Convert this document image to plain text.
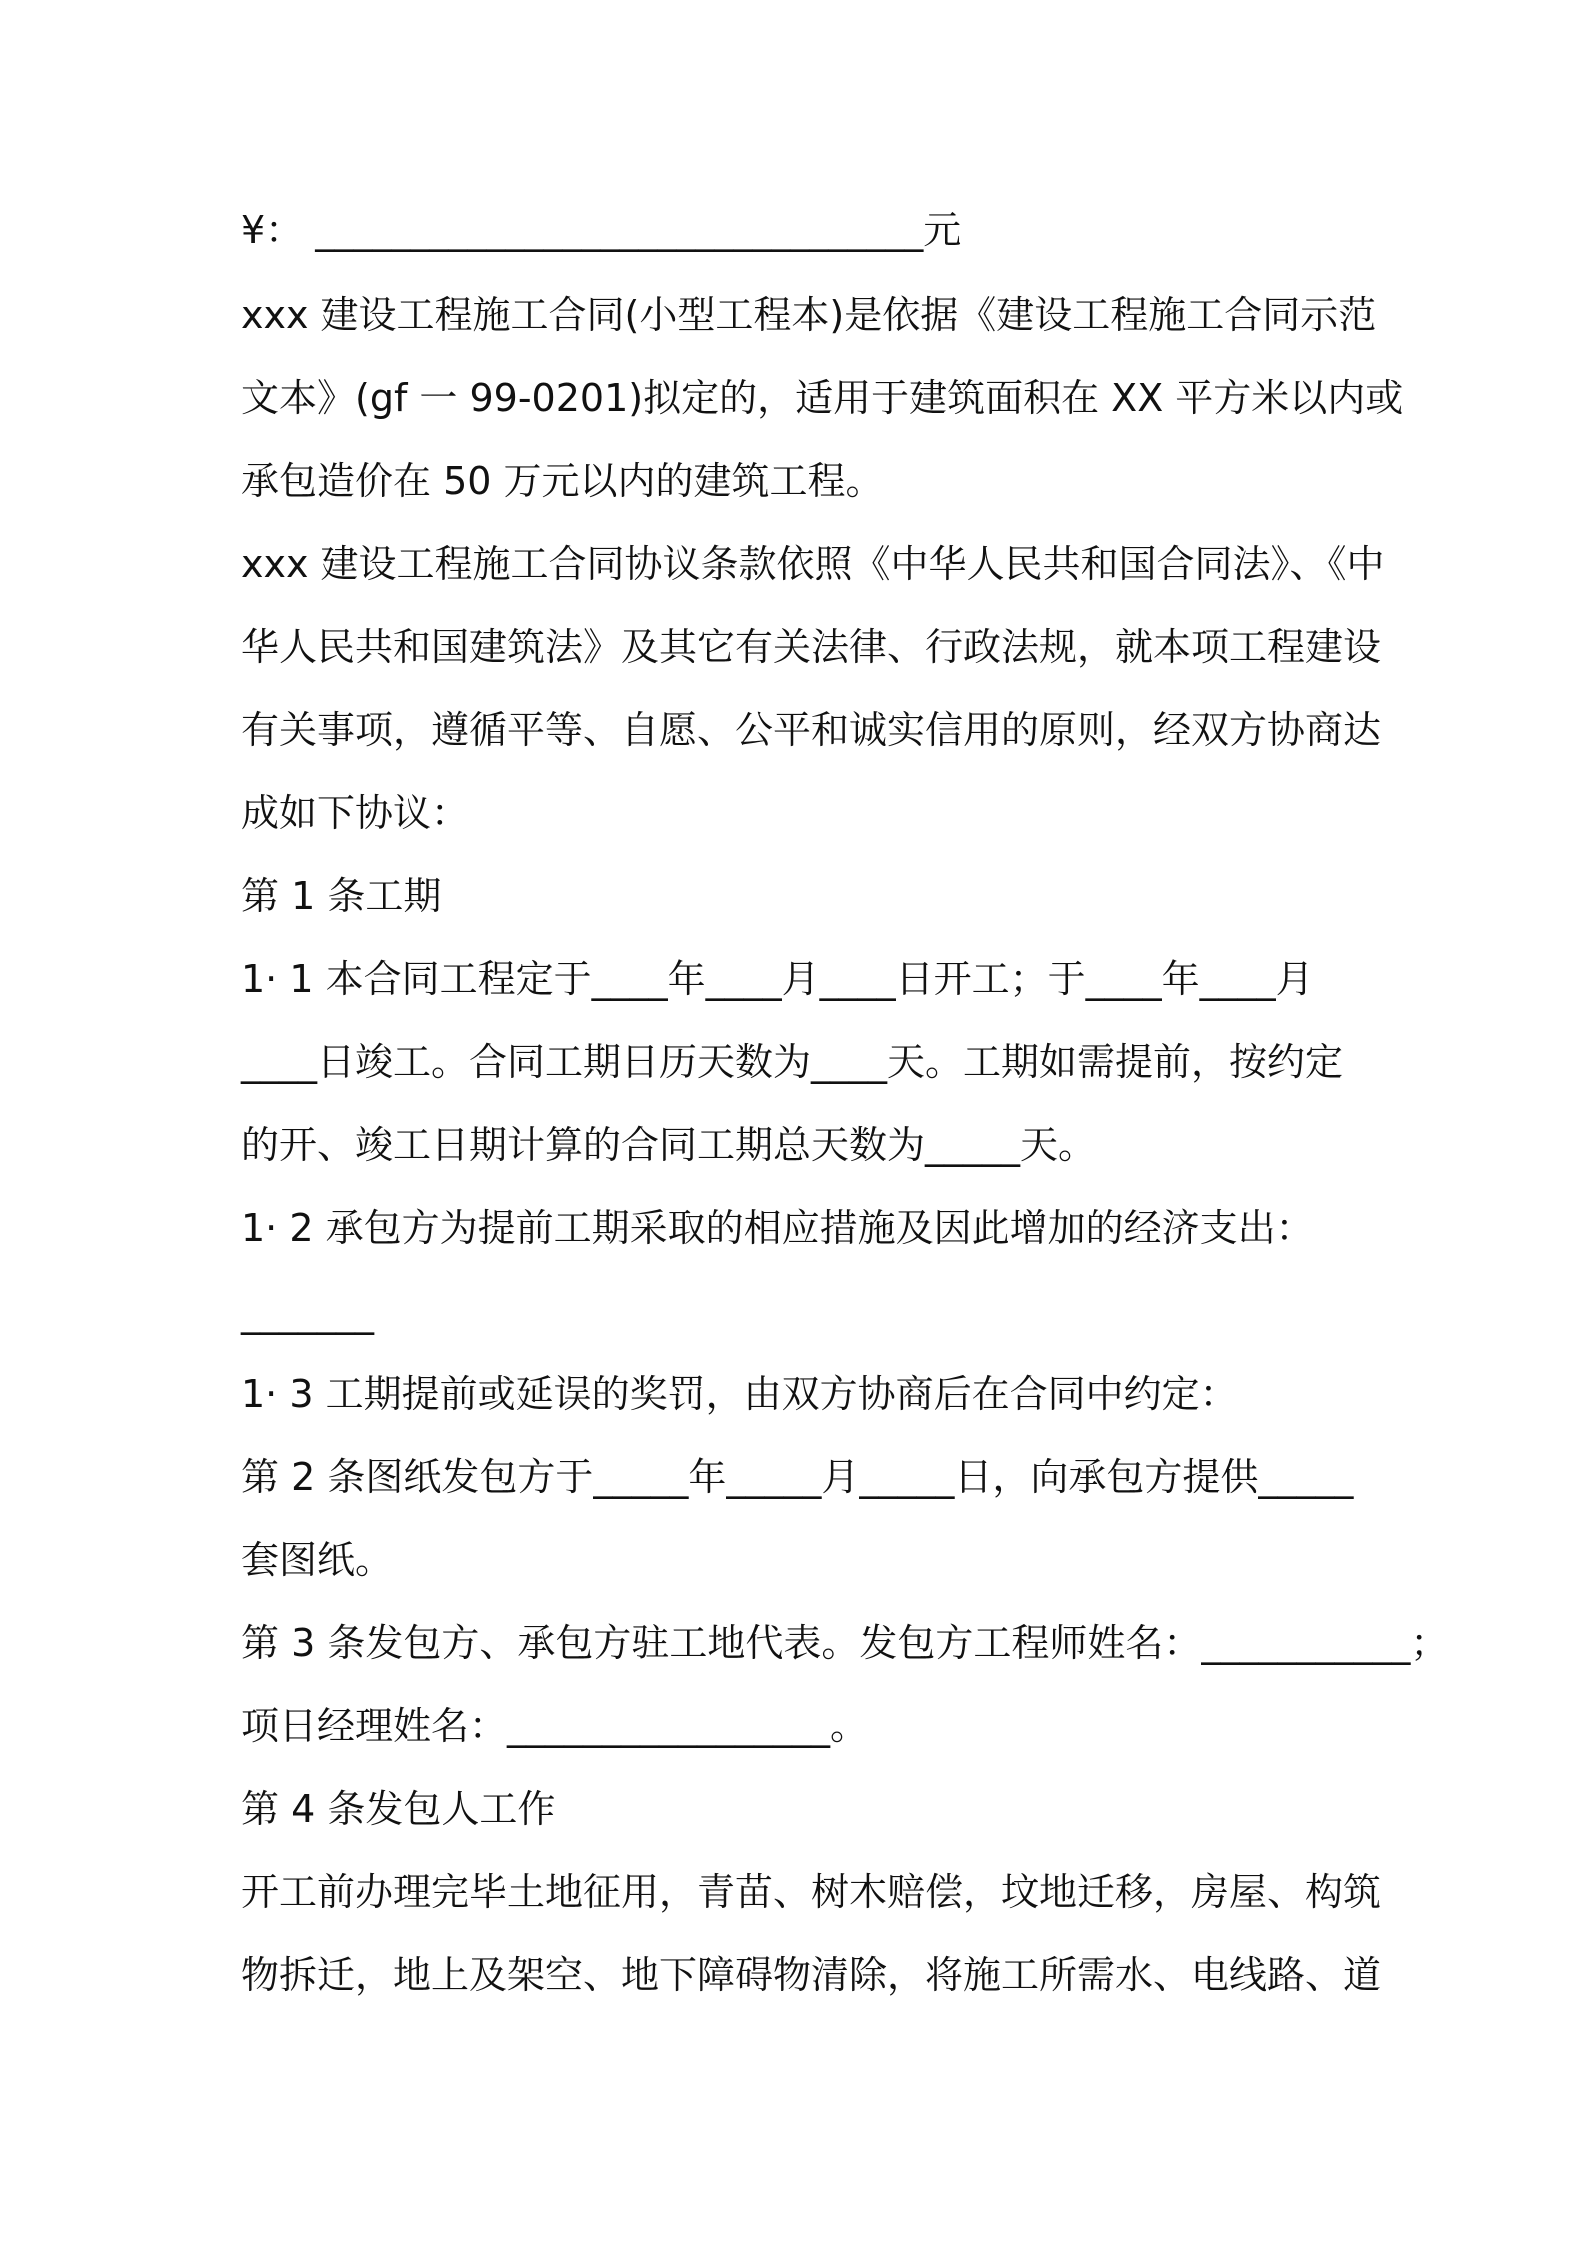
¥： ________________________________元
xxx 建设工程施工合同(小型工程本)是依据《建设工程施工合同示范
文本》(gf 一 99-0201)拟定的，适用于建筑面积在 XX 平方米以内或
承包造价在 50 万元以内的建筑工程。
xxx 建设工程施工合同协议条款依照《中华人民共和国合同法》、《中
华人民共和国建筑法》及其它有关法律、行政法规，就本项工程建设
有关事项，遵循平等、自愿、公平和诚实信用的原则，经双方协商达
成如下协议：
第 1 条工期
1· 1 本合同工程定于____年____月____日开工；于____年____月
____日竣工。合同工期日历天数为____天。工期如需提前，按约定
的开、竣工日期计算的合同工期总天数为_____天。
1· 2 承包方为提前工期采取的相应措施及因此增加的经济支出：
_______
1· 3 工期提前或延误的奖罚，由双方协商后在合同中约定：
第 2 条图纸发包方于_____年_____月_____日，向承包方提供_____
套图纸。
第 3 条发包方、承包方驻工地代表。发包方工程师姓名：___________；
项日经理姓名：_________________。
第 4 条发包人工作
开工前办理完毕土地征用，青苗、树木赔偿，坟地迁移，房屋、构筑
物拆迁，地上及架空、地下障碍物清除，将施工所需水、电线路、道
